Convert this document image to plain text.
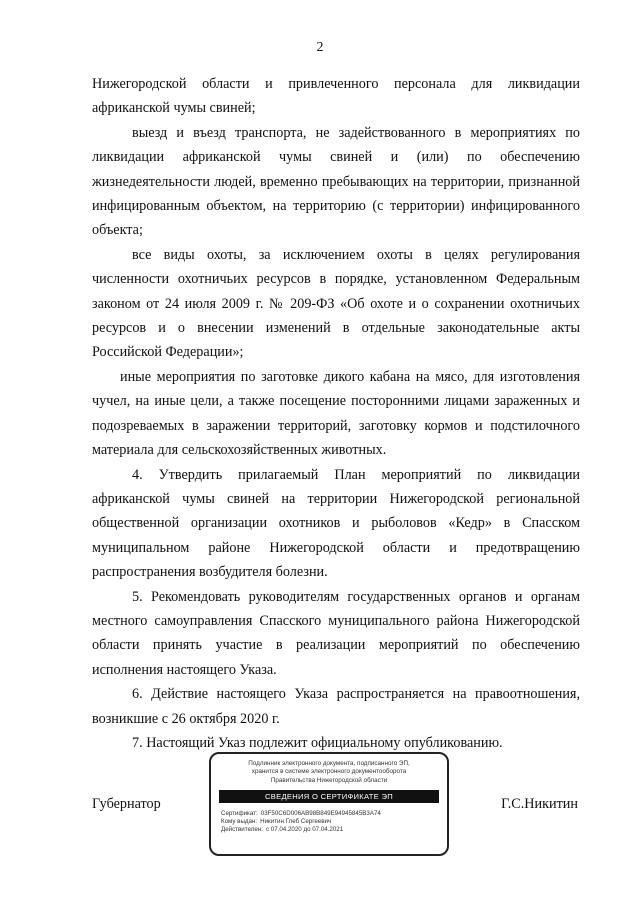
2

Нижегородской области и привлеченного персонала для ликвидации африканской чумы свиней;

выезд и въезд транспорта, не задействованного в мероприятиях по ликвидации африканской чумы свиней и (или) по обеспечению жизнедеятельности людей, временно пребывающих на территории, признанной инфицированным объектом, на территорию (с территории) инфицированного объекта;

все виды охоты, за исключением охоты в целях регулирования численности охотничьих ресурсов в порядке, установленном Федеральным законом от 24 июля 2009 г. № 209-ФЗ «Об охоте и о сохранении охотничьих ресурсов и о внесении изменений в отдельные законодательные акты Российской Федерации»;

иные мероприятия по заготовке дикого кабана на мясо, для изготовления чучел, на иные цели, а также посещение посторонними лицами зараженных и подозреваемых в заражении территорий, заготовку кормов и подстилочного материала для сельскохозяйственных животных.

4. Утвердить прилагаемый План мероприятий по ликвидации африканской чумы свиней на территории Нижегородской региональной общественной организации охотников и рыболовов «Кедр» в Спасском муниципальном районе Нижегородской области и предотвращению распространения возбудителя болезни.

5. Рекомендовать руководителям государственных органов и органам местного самоуправления Спасского муниципального района Нижегородской области принять участие в реализации мероприятий по обеспечению исполнения настоящего Указа.

6. Действие настоящего Указа распространяется на правоотношения, возникшие с 26 октября 2020 г.

7. Настоящий Указ подлежит официальному опубликованию.

Губернатор	Г.С.Никитин
Подлинник электронного документа, подписанного ЭП,
хранится в системе электронного документооборота
Правительства Нижегородской области
СВЕДЕНИЯ О СЕРТИФИКАТЕ ЭП
Сертификат: 03F50C6D006AB98B849E94945845B3A74
Кому выдан: Никитин Глеб Сергеевич
Действителен: с 07.04.2020 до 07.04.2021
